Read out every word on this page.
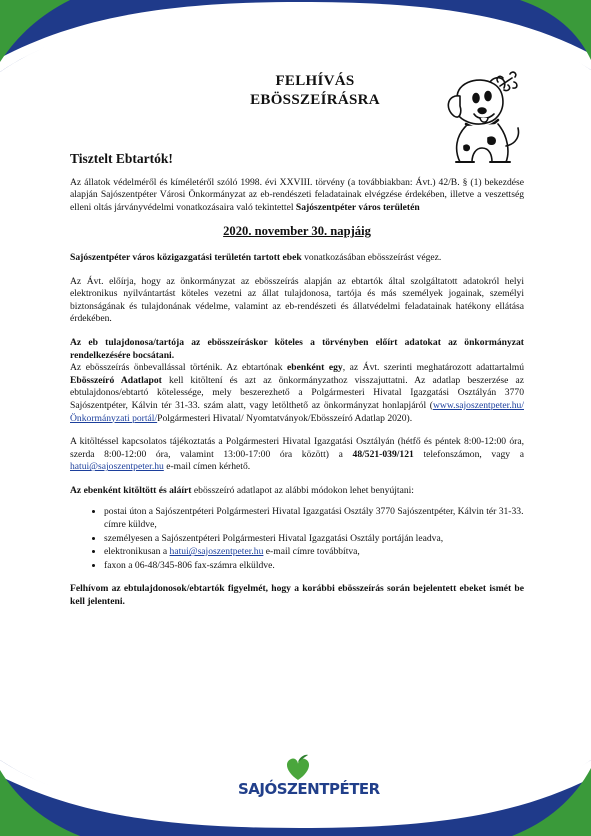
FELHÍVÁS
EBÖSSZEÍRÁSRA
Tisztelt Ebtartók!

Az állatok védelméről és kíméletéről szóló 1998. évi XXVIII. törvény (a továbbiakban: Ávt.) 42/B. § (1) bekezdése alapján Sajószentpéter Városi Önkormányzat az eb-rendészeti feladatainak elvégzése érdekében, illetve a veszettség elleni oltás járványvédelmi vonatkozásaira való tekintettel Sajószentpéter város területén

2020. november 30. napjáig

Sajószentpéter város közigazgatási területén tartott ebek vonatkozásában ebösszeírást végez.

Az Ávt. előírja, hogy az önkormányzat az ebösszeírás alapján az ebtartók által szolgáltatott adatokról helyi elektronikus nyilvántartást köteles vezetni az állat tulajdonosa, tartója és más személyek jogainak, személyi biztonságának és tulajdonának védelme, valamint az eb-rendészeti és állatvédelmi feladatainak hatékony ellátása érdekében.

Az eb tulajdonosa/tartója az ebösszeíráskor köteles a törvényben előírt adatokat az önkormányzat rendelkezésére bocsátani.
Az ebösszeírás önbevallással történik. Az ebtartónak ebenként egy, az Ávt. szerinti meghatározott adattartalmú Ebösszeíró Adatlapot kell kitöltení és azt az önkormányzathoz visszajuttatni. Az adatlap beszerzése az ebtulajdonos/ebtartó kötelessége, mely beszerezhető a Polgármesteri Hivatal Igazgatási Osztályán 3770 Sajószentpéter, Kálvin tér 31-33. szám alatt, vagy letölthető az önkormányzat honlapjáról (www.sajoszentpeter.hu/Önkormányzati portál/Polgármesteri Hivatal/ Nyomtatványok/Ebösszeíró Adatlap 2020).

A kitöltéssel kapcsolatos tájékoztatás a Polgármesteri Hivatal Igazgatási Osztályán (hétfő és péntek 8:00-12:00 óra, szerda 8:00-12:00 óra, valamint 13:00-17:00 óra között) a 48/521-039/121 telefonszámon, vagy a hatui@sajoszentpeter.hu e-mail címen kérhető.

Az ebenként kitöltött és aláírt ebösszeíró adatlapot az alábbi módokon lehet benyújtani:

• postai úton a Sajószentpéteri Polgármesteri Hivatal Igazgatási Osztály 3770 Sajószentpéter, Kálvin tér 31-33. címre küldve,
• személyesen a Sajószentpéteri Polgármesteri Hivatal Igazgatási Osztály portáján leadva,
• elektronikusan a hatui@sajoszentpeter.hu e-mail címre továbbítva,
• faxon a 06-48/345-806 fax-számra elküldve.

Felhívom az ebtulajdonosok/ebtartók figyelmét, hogy a korábbi ebösszeírás során bejelentett ebeket ismét be kell jelenteni.

SAJÓSZENTPÉTER
